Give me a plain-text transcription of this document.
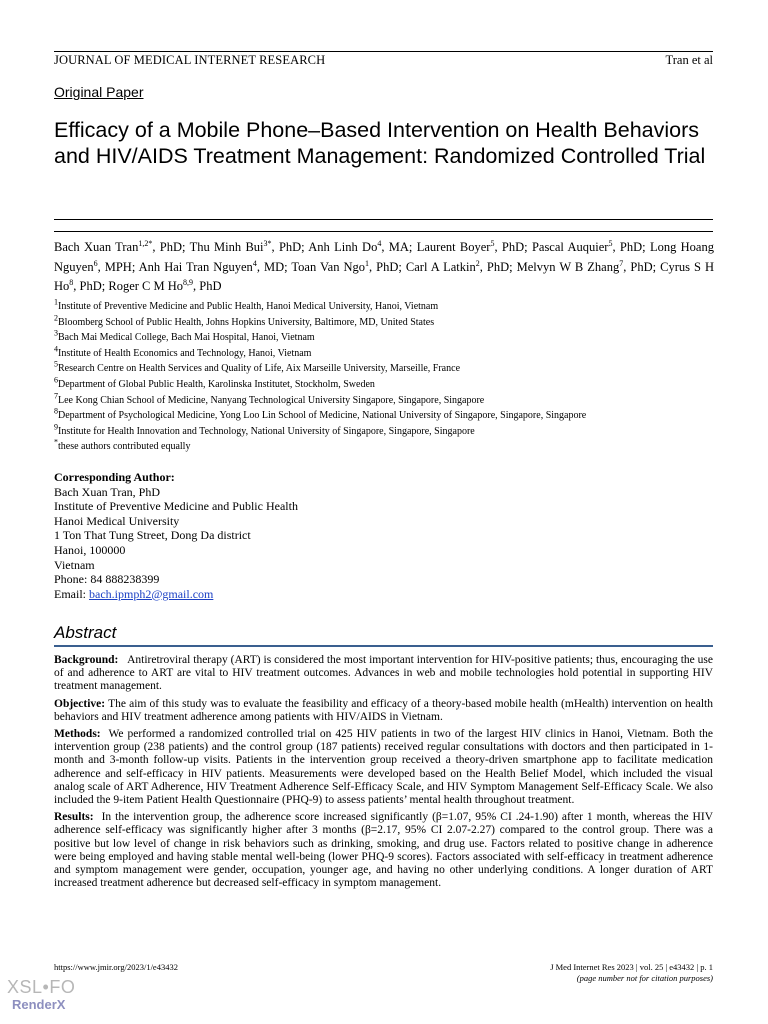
JOURNAL OF MEDICAL INTERNET RESEARCH	Tran et al
Original Paper
Efficacy of a Mobile Phone–Based Intervention on Health Behaviors and HIV/AIDS Treatment Management: Randomized Controlled Trial
Bach Xuan Tran$^{1,2*}$, PhD; Thu Minh Bui$^{3*}$, PhD; Anh Linh Do$^4$, MA; Laurent Boyer$^5$, PhD; Pascal Auquier$^5$, PhD; Long Hoang Nguyen$^6$, MPH; Anh Hai Tran Nguyen$^4$, MD; Toan Van Ngo$^1$, PhD; Carl A Latkin$^2$, PhD; Melvyn W B Zhang$^7$, PhD; Cyrus S H Ho$^8$, PhD; Roger C M Ho$^{8,9}$, PhD
$^1$Institute of Preventive Medicine and Public Health, Hanoi Medical University, Hanoi, Vietnam
$^2$Bloomberg School of Public Health, Johns Hopkins University, Baltimore, MD, United States
$^3$Bach Mai Medical College, Bach Mai Hospital, Hanoi, Vietnam
$^4$Institute of Health Economics and Technology, Hanoi, Vietnam
$^5$Research Centre on Health Services and Quality of Life, Aix Marseille University, Marseille, France
$^6$Department of Global Public Health, Karolinska Institutet, Stockholm, Sweden
$^7$Lee Kong Chian School of Medicine, Nanyang Technological University Singapore, Singapore, Singapore
$^8$Department of Psychological Medicine, Yong Loo Lin School of Medicine, National University of Singapore, Singapore, Singapore
$^9$Institute for Health Innovation and Technology, National University of Singapore, Singapore, Singapore
*these authors contributed equally
Corresponding Author:
Bach Xuan Tran, PhD
Institute of Preventive Medicine and Public Health
Hanoi Medical University
1 Ton That Tung Street, Dong Da district
Hanoi, 100000
Vietnam
Phone: 84 888238399
Email: bach.ipmph2@gmail.com
Abstract

Background: Antiretroviral therapy (ART) is considered the most important intervention for HIV-positive patients; thus, encouraging the use of and adherence to ART are vital to HIV treatment outcomes. Advances in web and mobile technologies hold potential in supporting HIV treatment management.

Objective: The aim of this study was to evaluate the feasibility and efficacy of a theory-based mobile health (mHealth) intervention on health behaviors and HIV treatment adherence among patients with HIV/AIDS in Vietnam.

Methods: We performed a randomized controlled trial on 425 HIV patients in two of the largest HIV clinics in Hanoi, Vietnam. Both the intervention group (238 patients) and the control group (187 patients) received regular consultations with doctors and then participated in 1-month and 3-month follow-up visits. Patients in the intervention group received a theory-driven smartphone app to facilitate medication adherence and self-efficacy in HIV patients. Measurements were developed based on the Health Belief Model, which included the visual analog scale of ART Adherence, HIV Treatment Adherence Self-Efficacy Scale, and HIV Symptom Management Self-Efficacy Scale. We also included the 9-item Patient Health Questionnaire (PHQ-9) to assess patients’ mental health throughout treatment.

Results: In the intervention group, the adherence score increased significantly (β=1.07, 95% CI .24-1.90) after 1 month, whereas the HIV adherence self-efficacy was significantly higher after 3 months (β=2.17, 95% CI 2.07-2.27) compared to the control group. There was a positive but low level of change in risk behaviors such as drinking, smoking, and drug use. Factors related to positive change in adherence were being employed and having stable mental well-being (lower PHQ-9 scores). Factors associated with self-efficacy in treatment adherence and symptom management were gender, occupation, younger age, and having no other underlying conditions. A longer duration of ART increased treatment adherence but decreased self-efficacy in symptom management.

https://www.jmir.org/2023/1/e43432	J Med Internet Res 2023 | vol. 25 | e43432 | p. 1
(page number not for citation purposes)
XSL•FO
RenderX
